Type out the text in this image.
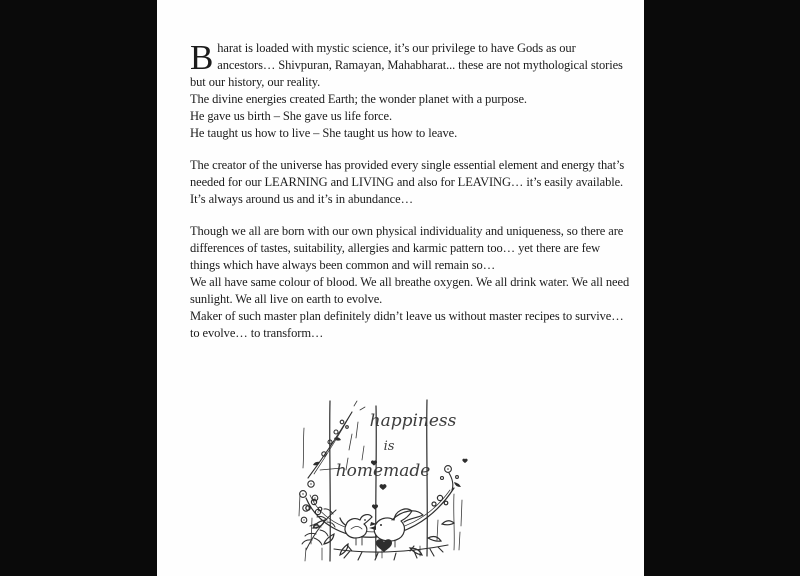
Bharat is loaded with mystic science, it’s our privilege to have Gods as our ancestors… Shivpuran, Ramayan, Mahabharat... these are not mythological stories but our history, our reality.
The divine energies created Earth; the wonder planet with a purpose.
He gave us birth – She gave us life force.
He taught us how to live – She taught us how to leave.

The creator of the universe has provided every single essential element and energy that’s needed for our LEARNING and LIVING and also for LEAVING… it’s easily available. It’s always around us and it’s in abundance…

Though we all are born with our own physical individuality and uniqueness, so there are differences of tastes, suitability, allergies and karmic pattern too… yet there are few things which have always been common and will remain so…
We all have same colour of blood. We all breathe oxygen. We all drink water. We all need sunlight. We all live on earth to evolve.
Maker of such master plan definitely didn’t leave us without master recipes to survive… to evolve… to transform…

happiness
is
homemade
